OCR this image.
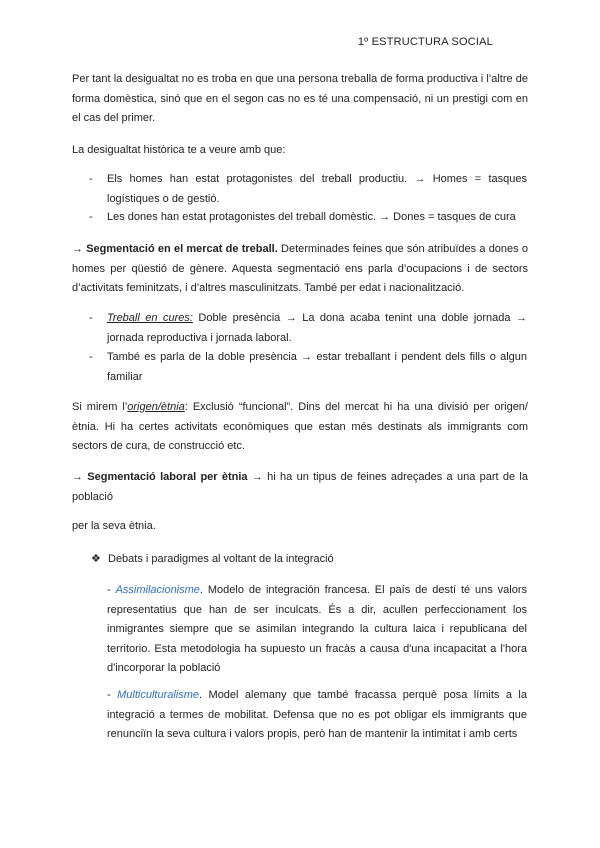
1º ESTRUCTURA SOCIAL

Per tant la desigualtat no es troba en que una persona treballa de forma productiva i l’altre de forma domèstica, sinó que en el segon cas no es té una compensació, ni un prestigi com en el cas del primer.

La desigualtat històrica te a veure amb que:

- Els homes han estat protagonistes del treball productiu. → Homes = tasques logístiques o de gestió.

- Les dones han estat protagonistes del treball domèstic. → Dones = tasques de cura

→ Segmentació en el mercat de treball. Determinades feines que són atribuïdes a dones o homes per qüestió de gènere. Aquesta segmentació ens parla d’ocupacions i de sectors d’activitats feminitzats, i d’altres masculinitzats. També per edat i nacionalització.

- Treball en cures: Doble presència → La dona acaba tenint una doble jornada → jornada reproductiva i jornada laboral.

- També es parla de la doble presència → estar treballant i pendent dels fills o algun familiar

Si mirem l’origen/ètnia: Exclusió “funcional”. Dins del mercat hi ha una divisió per origen/ètnia. Hi ha certes activitats econòmiques que estan més destinats als immigrants com sectors de cura, de construcció etc.

→ Segmentació laboral per ètnia → hi ha un tipus de feines adreçades a una part de la població

per la seva ètnia.

❖ Debats i paradigmes al voltant de la integració

- Assimilacionisme. Modelo de integración francesa. El país de destí té uns valors representatius que han de ser inculcats. És a dir, acullen perfeccionament los inmigrantes siempre que se asimilan integrando la cultura laica i republicana del territorio. Esta metodologia ha supuesto un fracàs a causa d'una incapacitat a l'hora d'incorporar la població

- Multiculturalisme. Model alemany que també fracassa perquè posa límits a la integració a termes de mobilitat. Defensa que no es pot obligar els immigrants que renunciïn la seva cultura i valors propis, però han de mantenir la intimitat i amb certs
